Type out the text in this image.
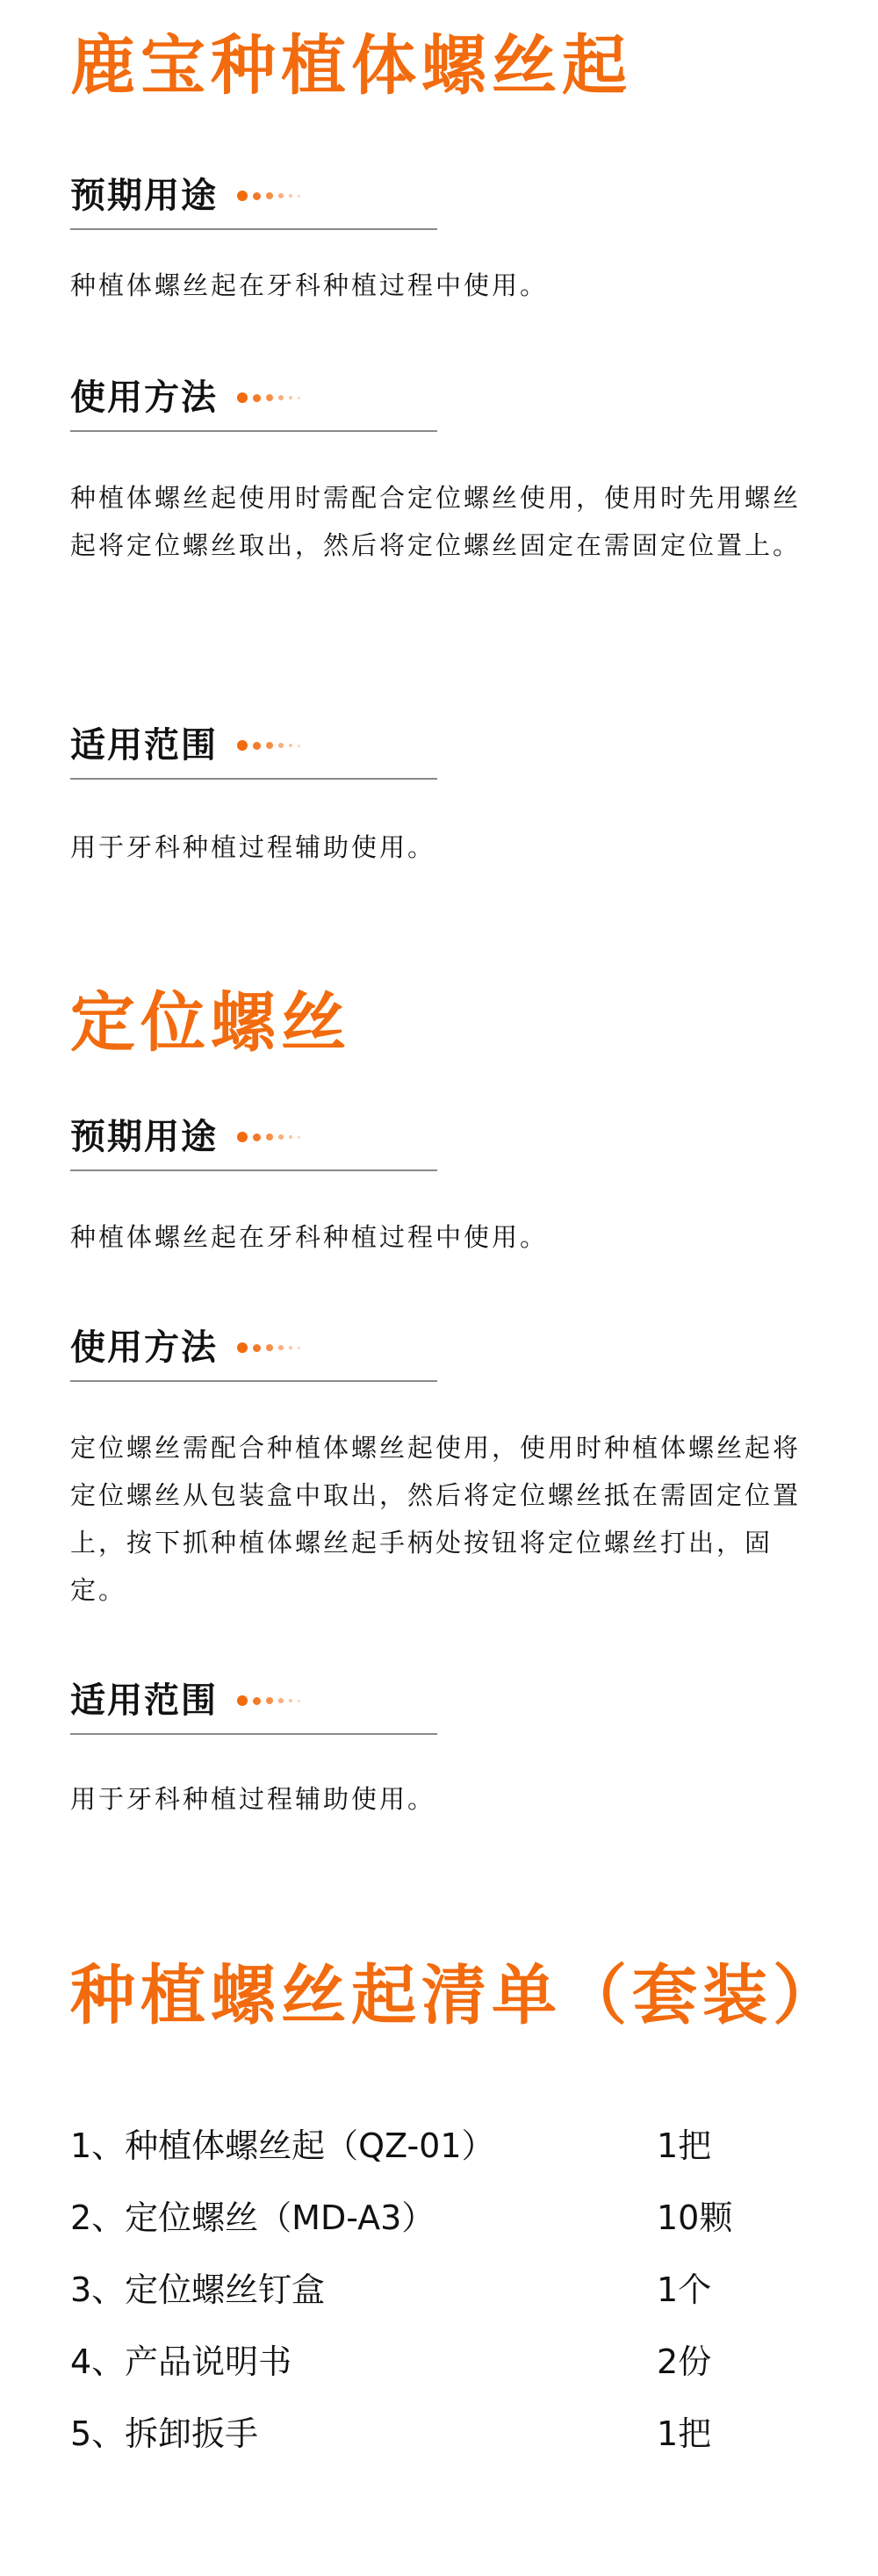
鹿宝种植体螺丝起
预期用途
种植体螺丝起在牙科种植过程中使用。
使用方法
种植体螺丝起使用时需配合定位螺丝使用，使用时先用螺丝起将定位螺丝取出，然后将定位螺丝固定在需固定位置上。
适用范围
用于牙科种植过程辅助使用。
定位螺丝
预期用途
种植体螺丝起在牙科种植过程中使用。
使用方法
定位螺丝需配合种植体螺丝起使用，使用时种植体螺丝起将定位螺丝从包装盒中取出，然后将定位螺丝抵在需固定位置上，按下抓种植体螺丝起手柄处按钮将定位螺丝打出，固定。
适用范围
用于牙科种植过程辅助使用。
种植螺丝起清单（套装）
1、种植体螺丝起（QZ-01）	1把
2、定位螺丝（MD-A3）	10颗
3、定位螺丝钉盒	1个
4、产品说明书	2份
5、拆卸扳手	1把
